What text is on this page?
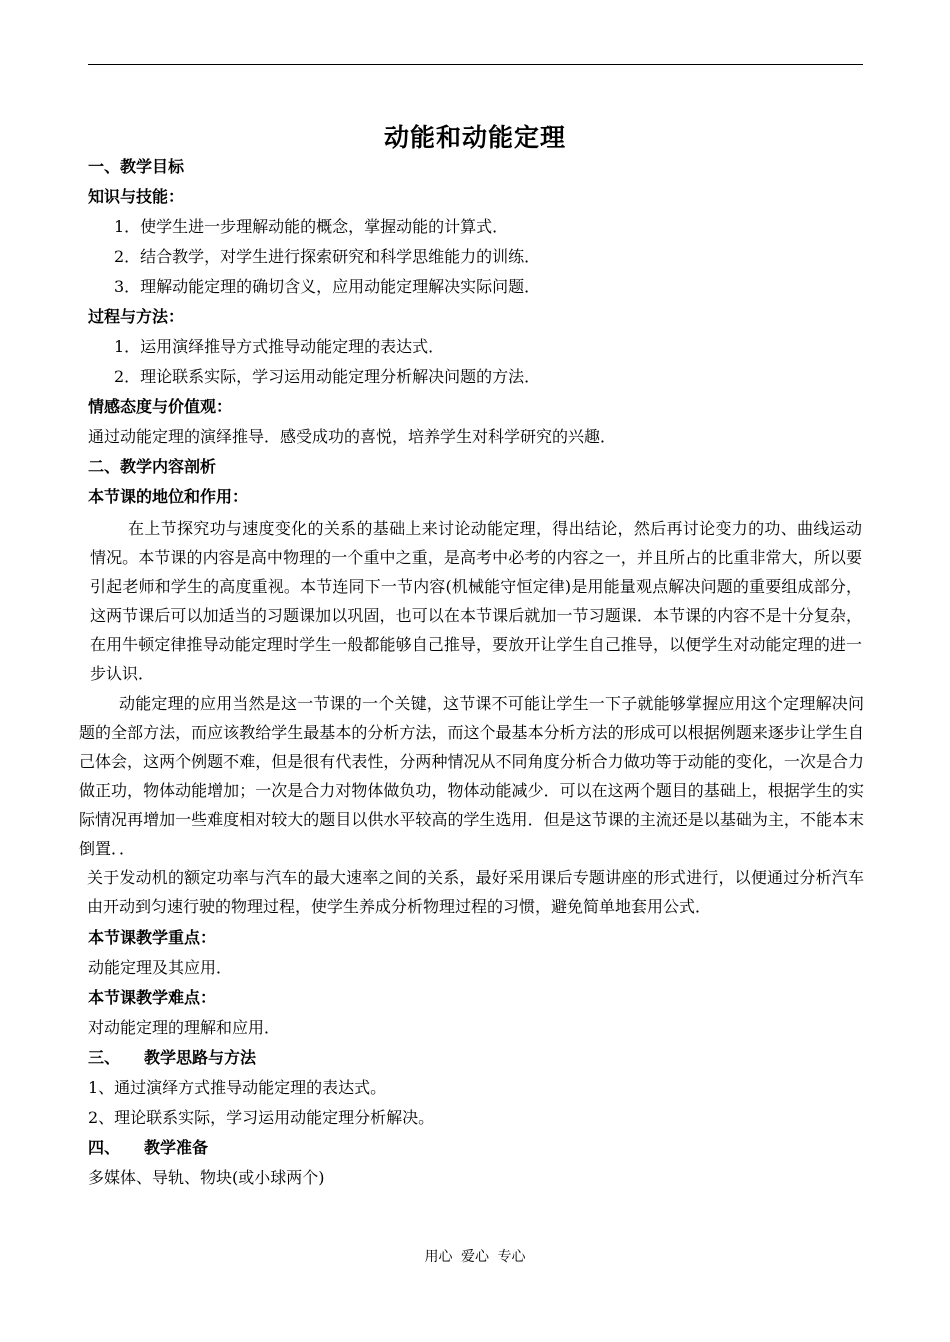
动能和动能定理
一、教学目标
知识与技能：
1．使学生进一步理解动能的概念，掌握动能的计算式．
2．结合教学，对学生进行探索研究和科学思维能力的训练．
3．理解动能定理的确切含义，应用动能定理解决实际问题．
过程与方法：
1．运用演绎推导方式推导动能定理的表达式．
2．理论联系实际，学习运用动能定理分析解决问题的方法．
情感态度与价值观：
通过动能定理的演绎推导．感受成功的喜悦，培养学生对科学研究的兴趣．
二、教学内容剖析
本节课的地位和作用：
在上节探究功与速度变化的关系的基础上来讨论动能定理，得出结论，然后再讨论变力的功、曲线运动情况。本节课的内容是高中物理的一个重中之重，是高考中必考的内容之一，并且所占的比重非常大，所以要引起老师和学生的高度重视。本节连同下一节内容(机械能守恒定律)是用能量观点解决问题的重要组成部分，这两节课后可以加适当的习题课加以巩固，也可以在本节课后就加一节习题课．本节课的内容不是十分复杂，在用牛顿定律推导动能定理时学生一般都能够自己推导，要放开让学生自己推导，以便学生对动能定理的进一步认识．
动能定理的应用当然是这一节课的一个关键，这节课不可能让学生一下子就能够掌握应用这个定理解决问题的全部方法，而应该教给学生最基本的分析方法，而这个最基本分析方法的形成可以根据例题来逐步让学生自己体会，这两个例题不难，但是很有代表性，分两种情况从不同角度分析合力做功等于动能的变化，一次是合力做正功，物体动能增加；一次是合力对物体做负功，物体动能减少．可以在这两个题目的基础上，根据学生的实际情况再增加一些难度相对较大的题目以供水平较高的学生选用．但是这节课的主流还是以基础为主，不能本末倒置．．
关于发动机的额定功率与汽车的最大速率之间的关系，最好采用课后专题讲座的形式进行，以便通过分析汽车由开动到匀速行驶的物理过程，使学生养成分析物理过程的习惯，避免简单地套用公式．
本节课教学重点：
动能定理及其应用．
本节课教学难点：
对动能定理的理解和应用．
三、　　教学思路与方法
1、通过演绎方式推导动能定理的表达式。
2、理论联系实际，学习运用动能定理分析解决。
四、　　教学准备
多媒体、导轨、物块(或小球两个)
用心 爱心 专心
